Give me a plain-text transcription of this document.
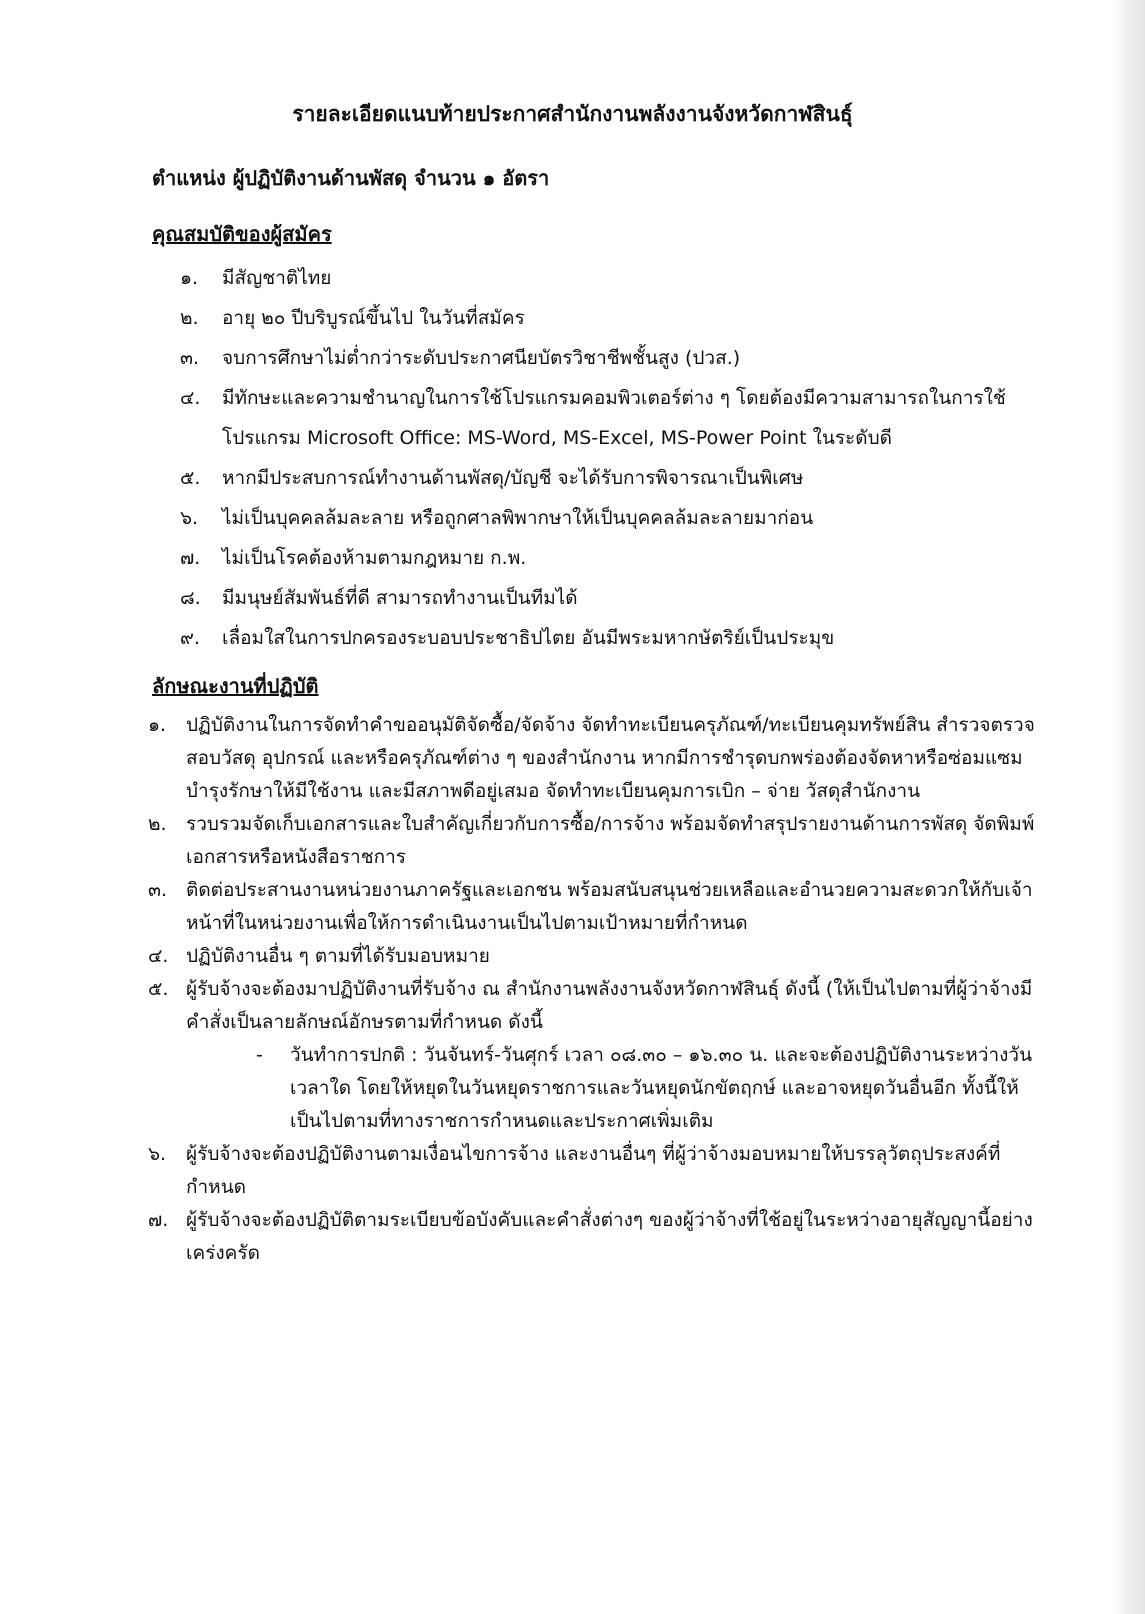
รายละเอียดแนบท้ายประกาศสำนักงานพลังงานจังหวัดกาฬสินธุ์
ตำแหน่ง ผู้ปฏิบัติงานด้านพัสดุ จำนวน ๑ อัตรา
คุณสมบัติของผู้สมัคร
๑.	มีสัญชาติไทย
๒.	อายุ ๒๐ ปีบริบูรณ์ขึ้นไป ในวันที่สมัคร
๓.	จบการศึกษาไม่ต่ำกว่าระดับประกาศนียบัตรวิชาชีพชั้นสูง (ปวส.)
๔.	มีทักษะและความชำนาญในการใช้โปรแกรมคอมพิวเตอร์ต่าง ๆ โดยต้องมีความสามารถในการใช้โปรแกรม Microsoft Office: MS-Word, MS-Excel, MS-Power Point ในระดับดี
๕.	หากมีประสบการณ์ทำงานด้านพัสดุ/บัญชี จะได้รับการพิจารณาเป็นพิเศษ
๖.	ไม่เป็นบุคคลล้มละลาย หรือถูกศาลพิพากษาให้เป็นบุคคลล้มละลายมาก่อน
๗.	ไม่เป็นโรคต้องห้ามตามกฎหมาย ก.พ.
๘.	มีมนุษย์สัมพันธ์ที่ดี สามารถทำงานเป็นทีมได้
๙.	เลื่อมใสในการปกครองระบอบประชาธิปไตย อันมีพระมหากษัตริย์เป็นประมุข
ลักษณะงานที่ปฏิบัติ
๑.	ปฏิบัติงานในการจัดทำคำขออนุมัติจัดซื้อ/จัดจ้าง จัดทำทะเบียนครุภัณฑ์/ทะเบียนคุมทรัพย์สิน สำรวจตรวจสอบวัสดุ อุปกรณ์ และหรือครุภัณฑ์ต่าง ๆ ของสำนักงาน หากมีการชำรุดบกพร่องต้องจัดหาหรือซ่อมแซมบำรุงรักษาให้มีใช้งาน และมีสภาพดีอยู่เสมอ จัดทำทะเบียนคุมการเบิก – จ่าย วัสดุสำนักงาน
๒.	รวบรวมจัดเก็บเอกสารและใบสำคัญเกี่ยวกับการซื้อ/การจ้าง พร้อมจัดทำสรุปรายงานด้านการพัสดุ จัดพิมพ์เอกสารหรือหนังสือราชการ
๓. ติดต่อประสานงานหน่วยงานภาครัฐและเอกชน พร้อมสนับสนุนช่วยเหลือและอำนวยความสะดวกให้กับเจ้าหน้าที่ในหน่วยงานเพื่อให้การดำเนินงานเป็นไปตามเป้าหมายที่กำหนด
๔. ปฏิบัติงานอื่น ๆ ตามที่ได้รับมอบหมาย
๕. ผู้รับจ้างจะต้องมาปฏิบัติงานที่รับจ้าง ณ สำนักงานพลังงานจังหวัดกาฬสินธุ์ ดังนี้ (ให้เป็นไปตามที่ผู้ว่าจ้างมีคำสั่งเป็นลายลักษณ์อักษรตามที่กำหนด ดังนี้
-	วันทำการปกติ : วันจันทร์-วันศุกร์ เวลา ๐๘.๓๐ – ๑๖.๓๐ น. และจะต้องปฏิบัติงานระหว่างวันเวลาใด โดยให้หยุดในวันหยุดราชการและวันหยุดนักขัตฤกษ์ และอาจหยุดวันอื่นอีก ทั้งนี้ให้เป็นไปตามที่ทางราชการกำหนดและประกาศเพิ่มเติม
๖.	ผู้รับจ้างจะต้องปฏิบัติงานตามเงื่อนไขการจ้าง และงานอื่นๆ ที่ผู้ว่าจ้างมอบหมายให้บรรลุวัตถุประสงค์ที่กำหนด
๗. ผู้รับจ้างจะต้องปฏิบัติตามระเบียบข้อบังคับและคำสั่งต่างๆ ของผู้ว่าจ้างที่ใช้อยู่ในระหว่างอายุสัญญานี้อย่างเคร่งครัด
